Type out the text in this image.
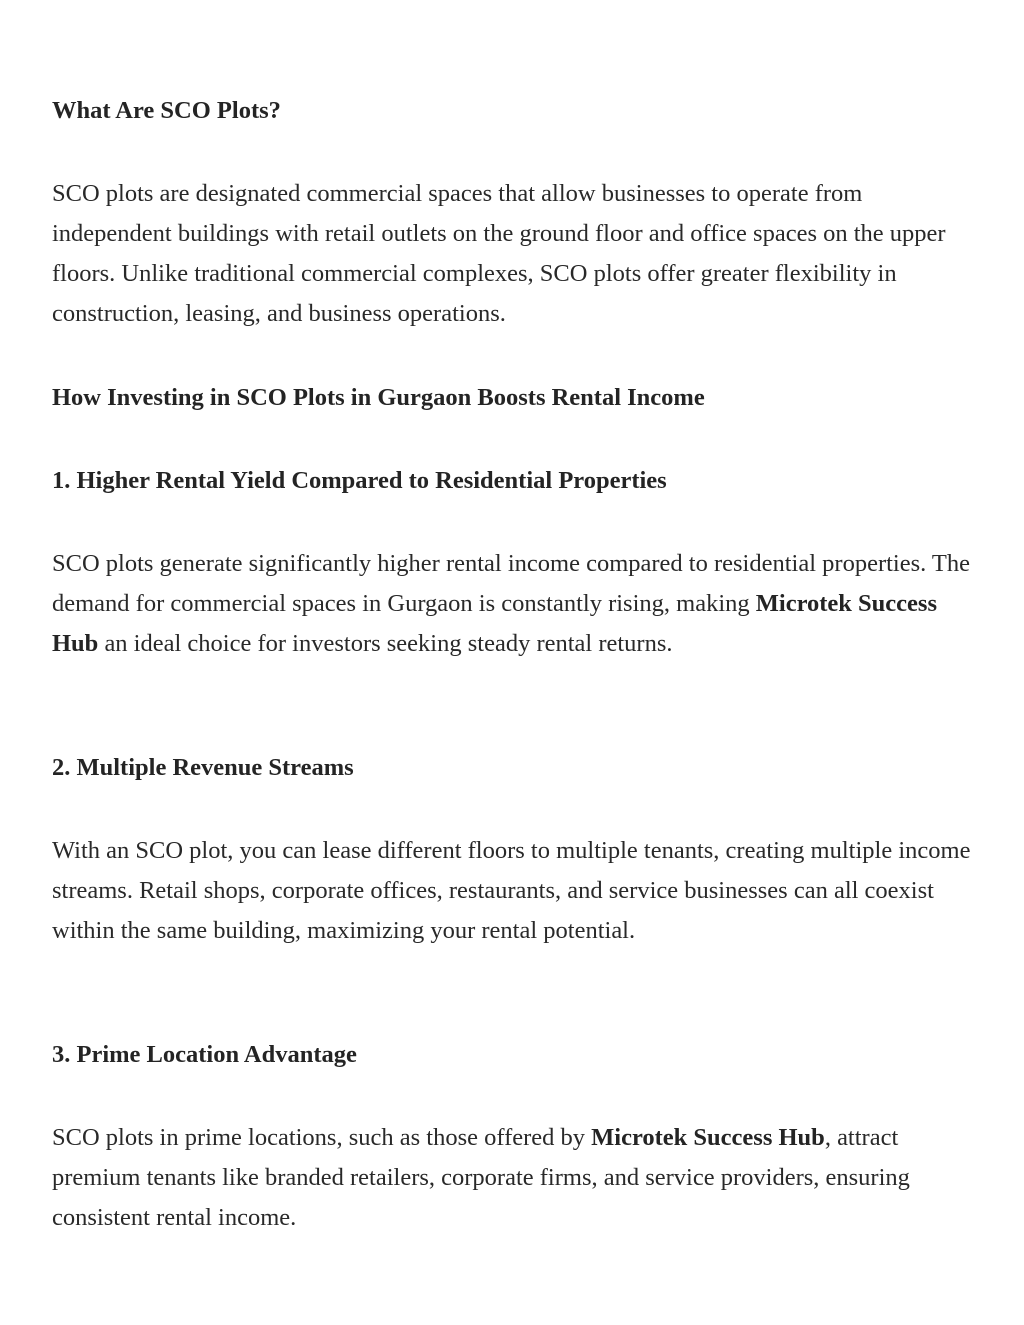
What Are SCO Plots?

SCO plots are designated commercial spaces that allow businesses to operate from independent buildings with retail outlets on the ground floor and office spaces on the upper floors. Unlike traditional commercial complexes, SCO plots offer greater flexibility in construction, leasing, and business operations.

How Investing in SCO Plots in Gurgaon Boosts Rental Income
1. Higher Rental Yield Compared to Residential Properties

SCO plots generate significantly higher rental income compared to residential properties. The demand for commercial spaces in Gurgaon is constantly rising, making Microtek Success Hub an ideal choice for investors seeking steady rental returns.

2. Multiple Revenue Streams

With an SCO plot, you can lease different floors to multiple tenants, creating multiple income streams. Retail shops, corporate offices, restaurants, and service businesses can all coexist within the same building, maximizing your rental potential.

3. Prime Location Advantage

SCO plots in prime locations, such as those offered by Microtek Success Hub, attract premium tenants like branded retailers, corporate firms, and service providers, ensuring consistent rental income.
